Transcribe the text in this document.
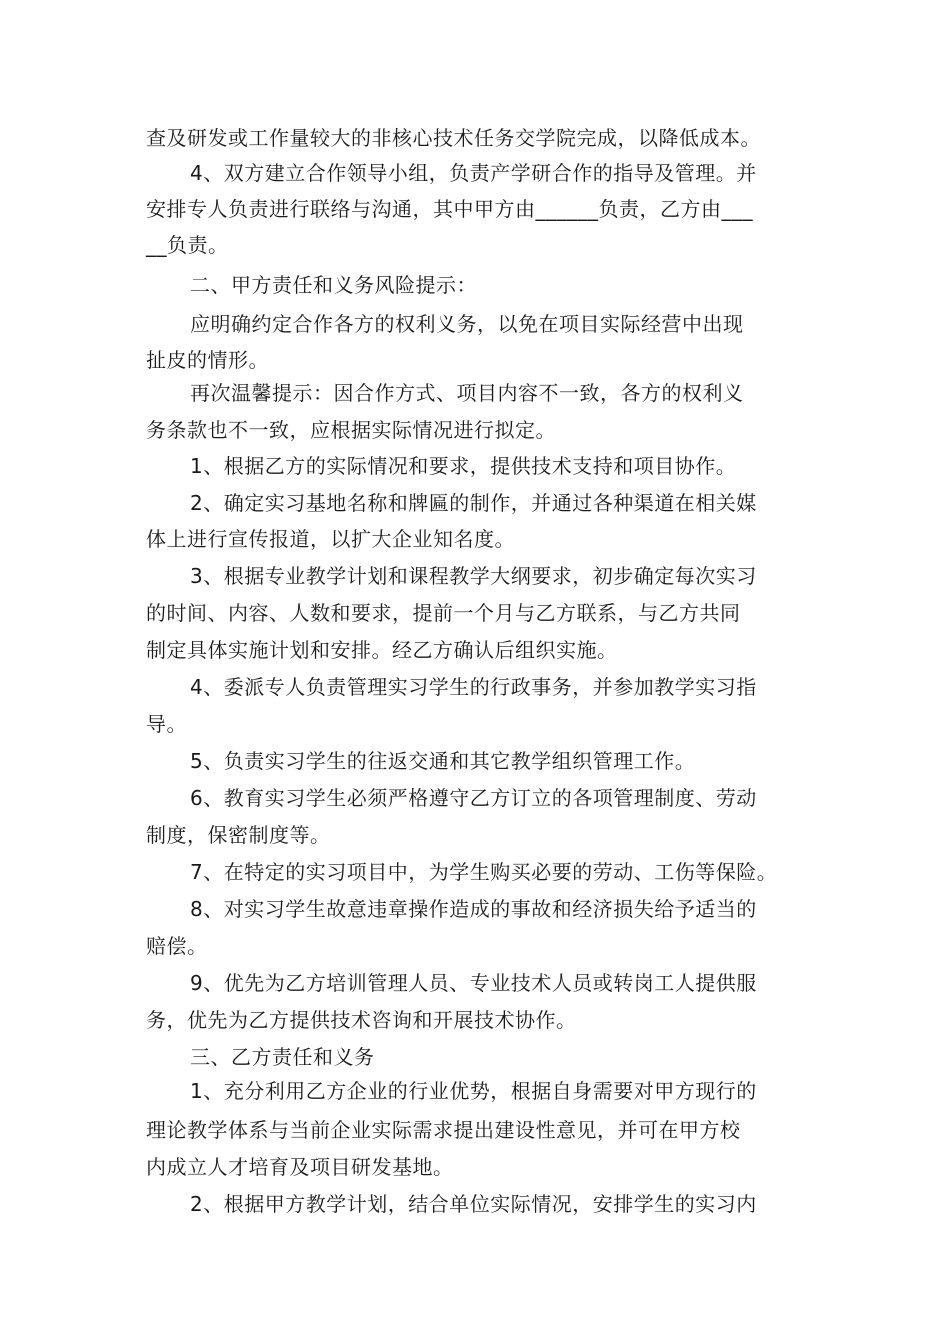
查及研发或工作量较大的非核心技术任务交学院完成，以降低成本。
4、双方建立合作领导小组，负责产学研合作的指导及管理。并
安排专人负责进行联络与沟通，其中甲方由______负责，乙方由___
__负责。
二、甲方责任和义务风险提示：
应明确约定合作各方的权利义务，以免在项目实际经营中出现
扯皮的情形。
再次温馨提示：因合作方式、项目内容不一致，各方的权利义
务条款也不一致，应根据实际情况进行拟定。
1、根据乙方的实际情况和要求，提供技术支持和项目协作。
2、确定实习基地名称和牌匾的制作，并通过各种渠道在相关媒
体上进行宣传报道，以扩大企业知名度。
3、根据专业教学计划和课程教学大纲要求，初步确定每次实习
的时间、内容、人数和要求，提前一个月与乙方联系，与乙方共同
制定具体实施计划和安排。经乙方确认后组织实施。
4、委派专人负责管理实习学生的行政事务，并参加教学实习指
导。
5、负责实习学生的往返交通和其它教学组织管理工作。
6、教育实习学生必须严格遵守乙方订立的各项管理制度、劳动
制度，保密制度等。
7、在特定的实习项目中，为学生购买必要的劳动、工伤等保险。
8、对实习学生故意违章操作造成的事故和经济损失给予适当的
赔偿。
9、优先为乙方培训管理人员、专业技术人员或转岗工人提供服
务，优先为乙方提供技术咨询和开展技术协作。
三、乙方责任和义务
1、充分利用乙方企业的行业优势，根据自身需要对甲方现行的
理论教学体系与当前企业实际需求提出建设性意见，并可在甲方校
内成立人才培育及项目研发基地。
2、根据甲方教学计划，结合单位实际情况，安排学生的实习内
